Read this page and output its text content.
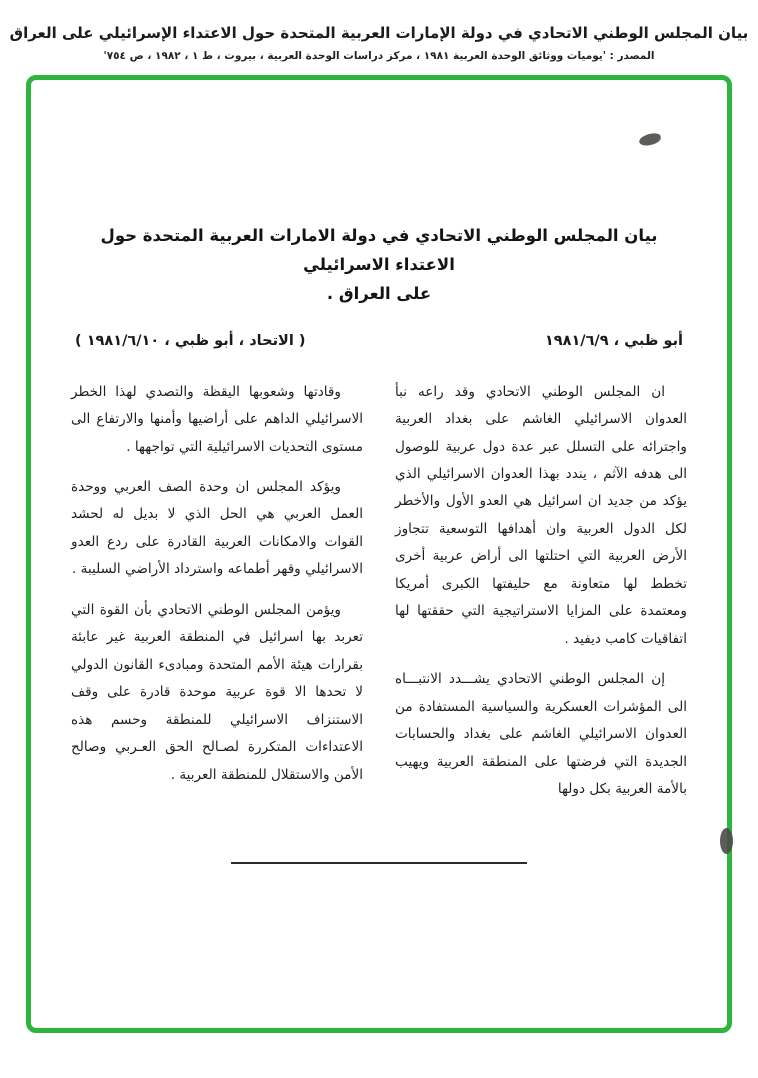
بيان المجلس الوطني الاتحادي في دولة الإمارات العربية المتحدة حول الاعتداء الإسرائيلي على العراق
المصدر : 'يوميات ووثائق الوحدة العربية ١٩٨١ ، مركز دراسات الوحدة العربية ، بيروت ، ط ١ ، ١٩٨٢ ، ص ٧٥٤'
بيان المجلس الوطني الاتحادي في دولة الامارات العربية المتحدة حول الاعتداء الاسرائيلي
على العراق .
أبو ظبي ، ١٩٨١/٦/٩
( الاتحاد ، أبو ظبي ، ١٩٨١/٦/١٠ )

ان المجلس الوطني الاتحادي وقد راعه نبأ العدوان الاسرائيلي الغاشم على بغداد العربية واجترائه على التسلل عبر عدة دول عربية للوصول الى هدفه الآثم ، يندد بهذا العدوان الاسرائيلي الذي يؤكد من جديد ان اسرائيل هي العدو الأول والأخطر لكل الدول العربية وان أهدافها التوسعية تتجاوز الأرض العربية التي احتلتها الى أراض عربية أخرى تخطط لها متعاونة مع حليفتها الكبرى أمريكا ومعتمدة على المزايا الاستراتيجية التي حققتها لها اتفاقيات كامب ديفيد .

إن المجلس الوطني الاتحادي يشـــدد الانتبـــاه الى المؤشرات العسكرية والسياسية المستفادة من العدوان الاسرائيلي الغاشم على بغداد والحسابات الجديدة التي فرضتها على المنطقة العربية ويهيب بالأمة العربية بكل دولها

وقادتها وشعوبها اليقظة والتصدي لهذا الخطر الاسرائيلي الداهم على أراضيها وأمنها والارتفاع الى مستوى التحديات الاسرائيلية التي تواجهها .

ويؤكد المجلس ان وحدة الصف العربي ووحدة العمل العربي هي الحل الذي لا بديل له لحشد القوات والامكانات العربية القادرة على ردع العدو الاسرائيلي وقهر أطماعه واسترداد الأراضي السليبة .

ويؤمن المجلس الوطني الاتحادي بأن القوة التي تعربد بها اسرائيل في المنطقة العربية غير عابئة بقرارات هيئة الأمم المتحدة ومبادىء القانون الدولي لا تحدها الا قوة عربية موحدة قادرة على وقف الاستنزاف الاسرائيلي للمنطقة وحسم هذه الاعتداءات المتكررة لصـالح الحق العـربي وصالح الأمن والاستقلال للمنطقة العربية .
